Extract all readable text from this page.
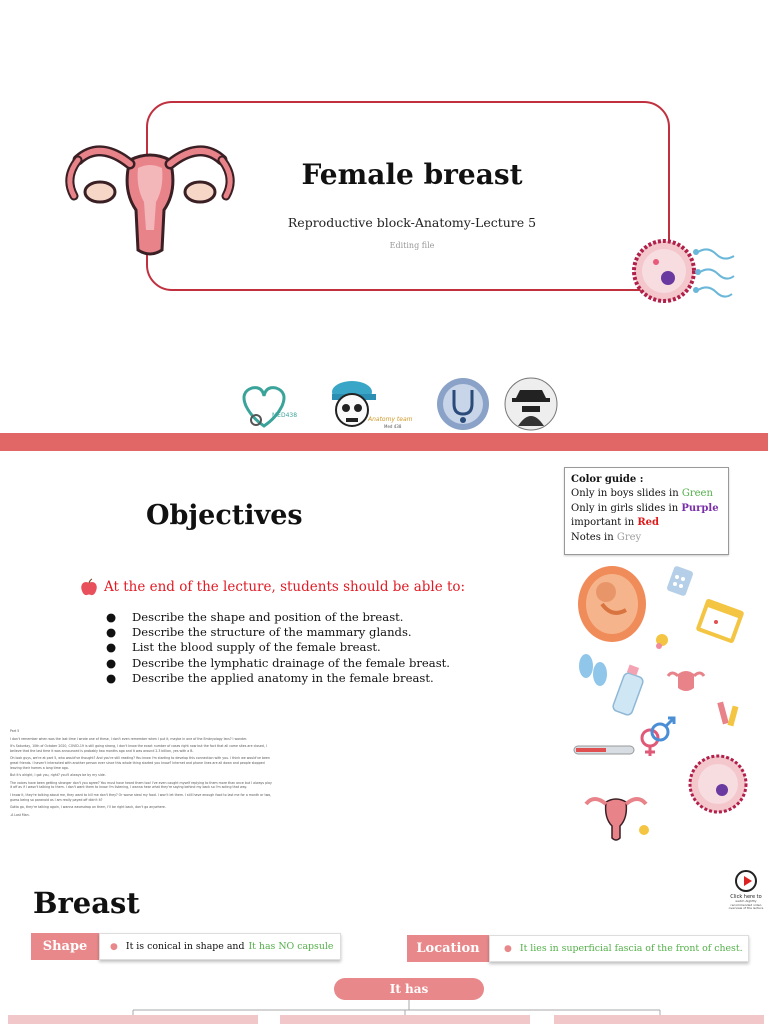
Female breast
Reproductive block-Anatomy-Lecture 5
Editing file
MED438
Anatomy team
Med 438
Objectives
Color guide :
Only in boys slides in Green
Only in girls slides in Purple
important in Red
Notes in Grey
At the end of the lecture, students should be able to:
●	Describe the shape and position of the breast.
●	Describe the structure of the mammary glands.
●	List the blood supply of the female breast.
●	Describe the lymphatic drainage of the female breast.
●	Describe the applied anatomy in the female breast.

Part 5

I don't remember when was the last time I wrote one of these, I don't even remember when I put it, maybe in one of the Embryology lecs? I wonder.

It's Saturday, 10th of October 2020, COVID-19 is still going strong, I don't know the exact number of cases right now but the fact that all come sites are closed, I believe that the last time it was announced is probably two months ago and it was around 2.3 billion, yes with a B.

Oh look guys, we're at part 5, who would've thought? And you're still reading? You know I'm starting to develop this connection with you. I think we would've been great friends. I haven't interacted with another person ever since this whole thing started you know? Internet and phone lines are all down and people stopped leaving their homes a long time ago.

But it's alright, I got you, right? you'll always be by my side.

The voices have been getting stronger don't you agree? You must have heard them too! I've even caught myself replying to them more than once but I always play it off as if I wasn't talking to them. I don't want them to know I'm listening, I wanna hear what they're saying behind my back so I'm acting that way.

I know it, they're talking about me, they want to kill me don't they? Or worse steal my food. I won't let them. I still have enough food to last me for a month or two, guess being so paranoid as I am really payed off didn't it?

Gotta go, they're talking again, I wanna eavesdrop on them, I'll be right back, don't go anywhere.

-A Lost Man.

Breast	Click here to
watch Alghfily recommended video overview of the lecture
Shape	● It is conical in shape and It has NO capsule	Location	● It lies in superficial fascia of the front of chest.
It has
